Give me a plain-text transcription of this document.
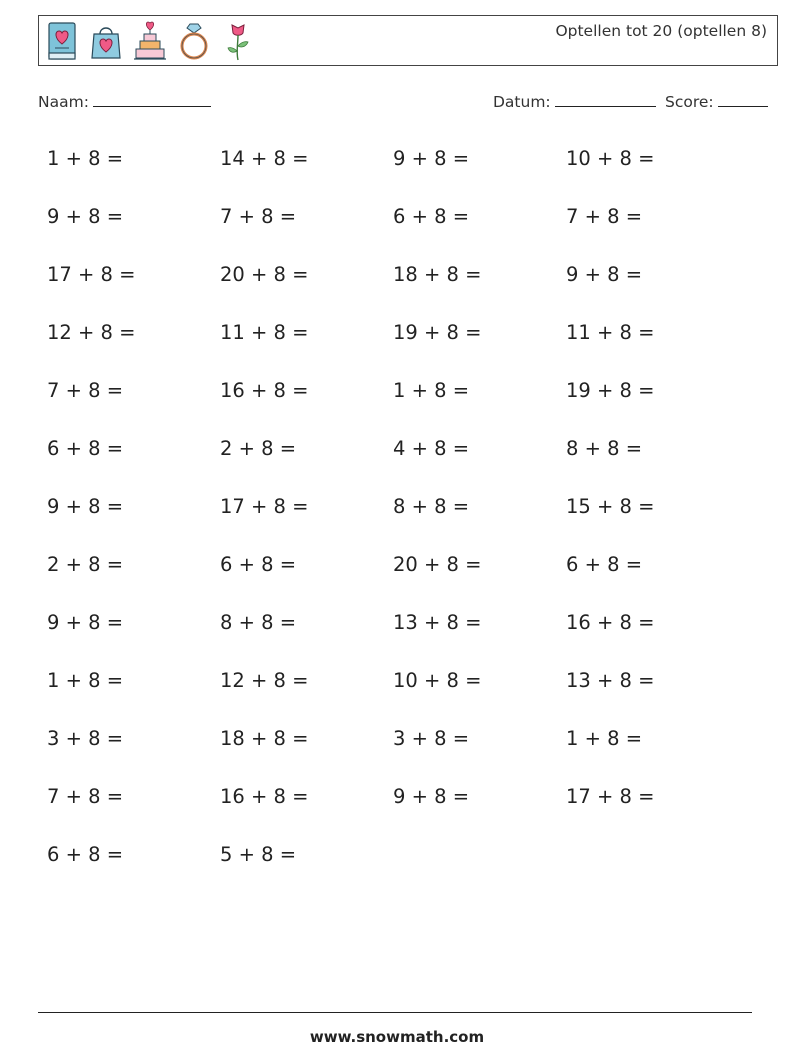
Optellen tot 20 (optellen 8)
Naam:	Datum:	Score:
1 + 8 =	14 + 8 =	9 + 8 =	10 + 8 =
9 + 8 =	7 + 8 =	6 + 8 =	7 + 8 =
17 + 8 =	20 + 8 =	18 + 8 =	9 + 8 =
12 + 8 =	11 + 8 =	19 + 8 =	11 + 8 =
7 + 8 =	16 + 8 =	1 + 8 =	19 + 8 =
6 + 8 =	2 + 8 =	4 + 8 =	8 + 8 =
9 + 8 =	17 + 8 =	8 + 8 =	15 + 8 =
2 + 8 =	6 + 8 =	20 + 8 =	6 + 8 =
9 + 8 =	8 + 8 =	13 + 8 =	16 + 8 =
1 + 8 =	12 + 8 =	10 + 8 =	13 + 8 =
3 + 8 =	18 + 8 =	3 + 8 =	1 + 8 =
7 + 8 =	16 + 8 =	9 + 8 =	17 + 8 =
6 + 8 =	5 + 8 =
www.snowmath.com
